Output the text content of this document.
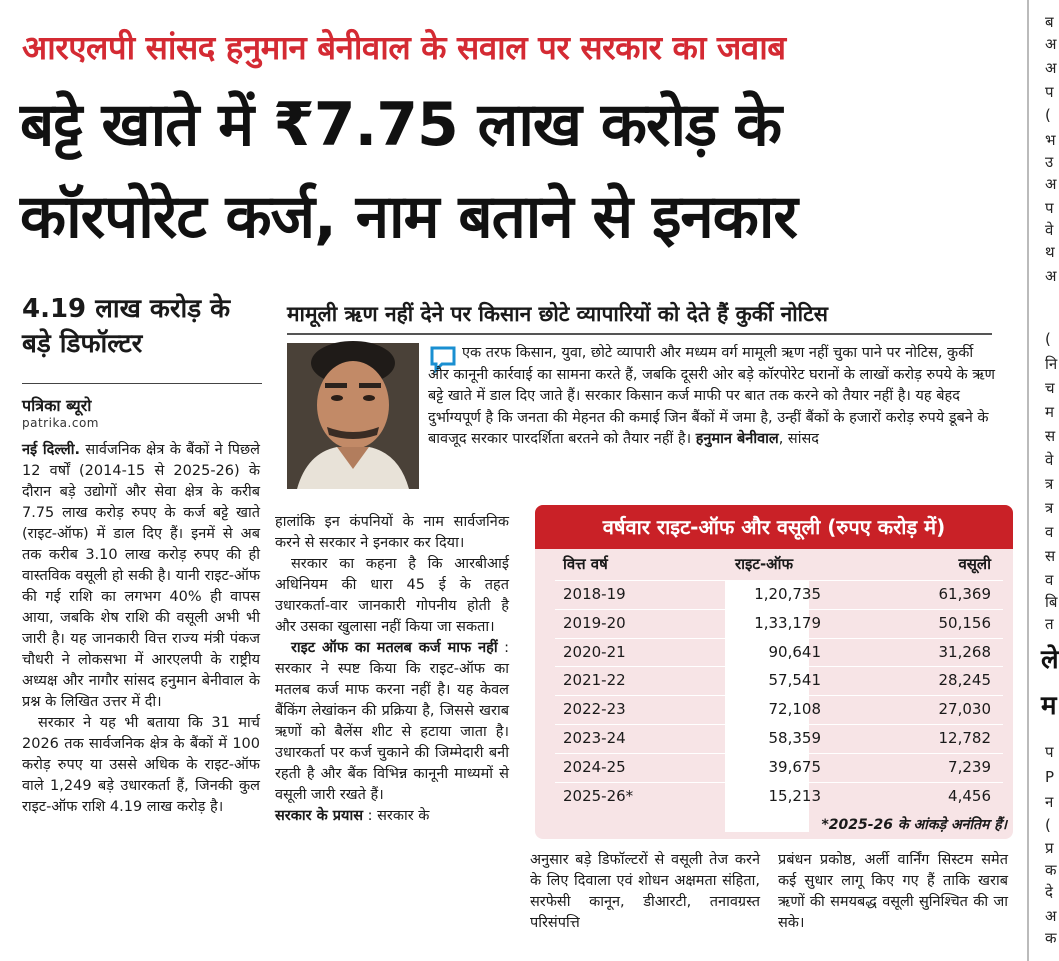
आरएलपी सांसद हनुमान बेनीवाल के सवाल पर सरकार का जवाब
बट्टे खाते में ₹7.75 लाख करोड़ के
कॉरपोरेट कर्ज, नाम बताने से इनकार
4.19 लाख करोड़ के बड़े डिफॉल्टर
पत्रिका ब्यूरो
patrika.com

नई दिल्ली. सार्वजनिक क्षेत्र के बैंकों ने पिछले 12 वर्षों (2014-15 से 2025-26) के दौरान बड़े उद्योगों और सेवा क्षेत्र के करीब 7.75 लाख करोड़ रुपए के कर्ज बट्टे खाते (राइट-ऑफ) में डाल दिए हैं। इनमें से अब तक करीब 3.10 लाख करोड़ रुपए की ही वास्तविक वसूली हो सकी है। यानी राइट-ऑफ की गई राशि का लगभग 40% ही वापस आया, जबकि शेष राशि की वसूली अभी भी जारी है। यह जानकारी वित्त राज्य मंत्री पंकज चौधरी ने लोकसभा में आरएलपी के राष्ट्रीय अध्यक्ष और नागौर सांसद हनुमान बेनीवाल के प्रश्न के लिखित उत्तर में दी।

सरकार ने यह भी बताया कि 31 मार्च 2026 तक सार्वजनिक क्षेत्र के बैंकों में 100 करोड़ रुपए या उससे अधिक के राइट-ऑफ वाले 1,249 बड़े उधारकर्ता हैं, जिनकी कुल राइट-ऑफ राशि 4.19 लाख करोड़ है।

मामूली ऋण नहीं देने पर किसान छोटे व्यापारियों को देते हैं कुर्की नोटिस
एक तरफ किसान, युवा, छोटे व्यापारी और मध्यम वर्ग मामूली ऋण नहीं चुका पाने पर नोटिस, कुर्की और कानूनी कार्रवाई का सामना करते हैं, जबकि दूसरी ओर बड़े कॉरपोरेट घरानों के लाखों करोड़ रुपये के ऋण बट्टे खाते में डाल दिए जाते हैं। सरकार किसान कर्ज माफी पर बात तक करने को तैयार नहीं है। यह बेहद दुर्भाग्यपूर्ण है कि जनता की मेहनत की कमाई जिन बैंकों में जमा है, उन्हीं बैंकों के हजारों करोड़ रुपये डूबने के बावजूद सरकार पारदर्शिता बरतने को तैयार नहीं है। हनुमान बेनीवाल, सांसद

हालांकि इन कंपनियों के नाम सार्वजनिक करने से सरकार ने इनकार कर दिया।

सरकार का कहना है कि आरबीआई अधिनियम की धारा 45 ई के तहत उधारकर्ता-वार जानकारी गोपनीय होती है और उसका खुलासा नहीं किया जा सकता।

राइट ऑफ का मतलब कर्ज माफ नहीं : सरकार ने स्पष्ट किया कि राइट-ऑफ का मतलब कर्ज माफ करना नहीं है। यह केवल बैंकिंग लेखांकन की प्रक्रिया है, जिससे खराब ऋणों को बैलेंस शीट से हटाया जाता है। उधारकर्ता पर कर्ज चुकाने की जिम्मेदारी बनी रहती है और बैंक विभिन्न कानूनी माध्यमों से वसूली जारी रखते हैं।

सरकार के प्रयास : सरकार के

वर्षवार राइट-ऑफ और वसूली (रुपए करोड़ में)
वित्त वर्ष	राइट-ऑफ	वसूली
2018-19	1,20,735	61,369
2019-20	1,33,179	50,156
2020-21	90,641	31,268
2021-22	57,541	28,245
2022-23	72,108	27,030
2023-24	58,359	12,782
2024-25	39,675	7,239
2025-26*	15,213	4,456
*2025-26 के आंकड़े अनंतिम हैं।

अनुसार बड़े डिफॉल्टरों से वसूली तेज करने के लिए दिवाला एवं शोधन अक्षमता संहिता, सरफेसी कानून, डीआरटी, तनावग्रस्त परिसंपत्ति

प्रबंधन प्रकोष्ठ, अर्ली वार्निंग सिस्टम समेत कई सुधार लागू किए गए हैं ताकि खराब ऋणों की समयबद्ध वसूली सुनिश्चित की जा सके।

ब
अ
अ
प
(
भ
उ
अ
प
वे
थ
अ
(
नि
च
म
स
वे
त्र
त्र
व
स
व
बि
त
ले
म
प
P
न
(
प्र
क
दे
अ
क
